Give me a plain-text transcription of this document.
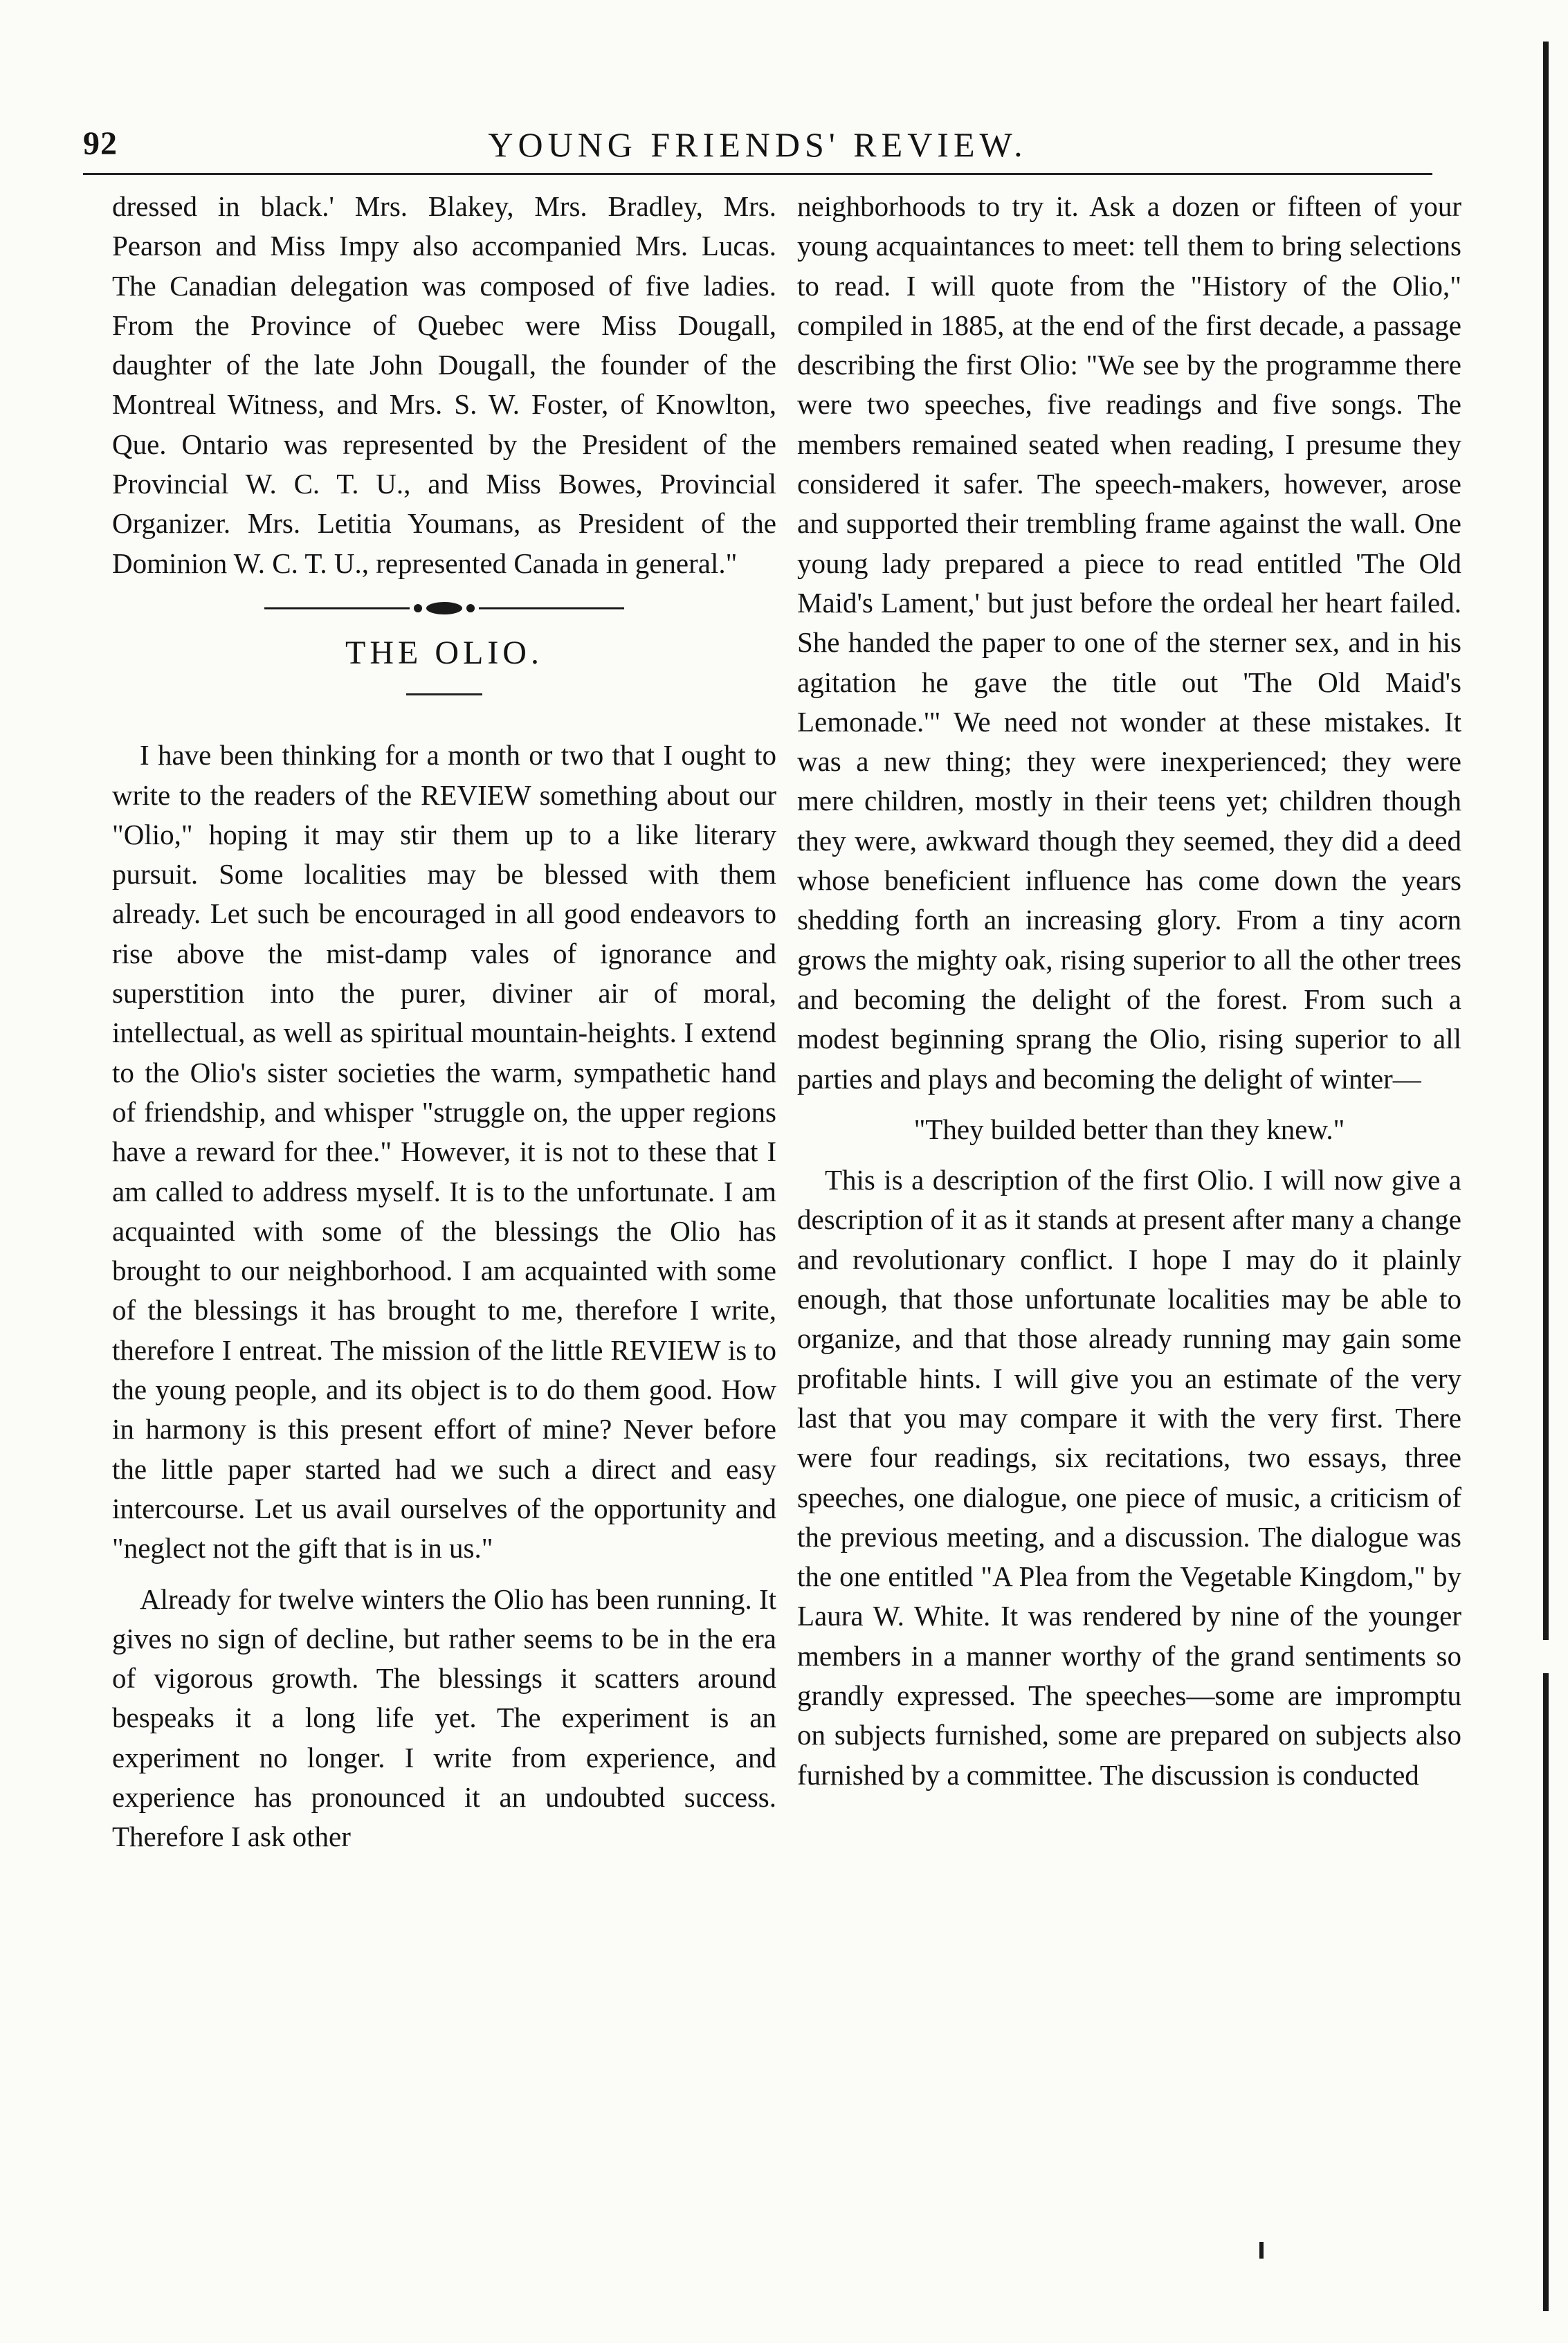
92	YOUNG FRIENDS' REVIEW.

dressed in black.' Mrs. Blakey, Mrs. Bradley, Mrs. Pearson and Miss Impy also accompanied Mrs. Lucas. The Canadian delegation was composed of five ladies. From the Province of Quebec were Miss Dougall, daughter of the late John Dougall, the founder of the Montreal Witness, and Mrs. S. W. Foster, of Knowlton, Que. Ontario was represented by the President of the Provincial W. C. T. U., and Miss Bowes, Provincial Organizer. Mrs. Letitia Youmans, as President of the Dominion W. C. T. U., represented Canada in general."

THE OLIO.

I have been thinking for a month or two that I ought to write to the readers of the REVIEW something about our "Olio," hoping it may stir them up to a like literary pursuit. Some localities may be blessed with them already. Let such be encouraged in all good endeavors to rise above the mist-damp vales of ignorance and superstition into the purer, diviner air of moral, intellectual, as well as spiritual mountain-heights. I extend to the Olio's sister societies the warm, sympathetic hand of friendship, and whisper "struggle on, the upper regions have a reward for thee." However, it is not to these that I am called to address myself. It is to the unfortunate. I am acquainted with some of the blessings the Olio has brought to our neighborhood. I am acquainted with some of the blessings it has brought to me, therefore I write, therefore I entreat. The mission of the little REVIEW is to the young people, and its object is to do them good. How in harmony is this present effort of mine? Never before the little paper started had we such a direct and easy intercourse. Let us avail ourselves of the opportunity and "neglect not the gift that is in us."

Already for twelve winters the Olio has been running. It gives no sign of decline, but rather seems to be in the era of vigorous growth. The blessings it scatters around bespeaks it a long life yet. The experiment is an experiment no longer. I write from experience, and experience has pronounced it an undoubted success. Therefore I ask other

neighborhoods to try it. Ask a dozen or fifteen of your young acquaintances to meet: tell them to bring selections to read. I will quote from the "History of the Olio," compiled in 1885, at the end of the first decade, a passage describing the first Olio: "We see by the programme there were two speeches, five readings and five songs. The members remained seated when reading, I presume they considered it safer. The speech-makers, however, arose and supported their trembling frame against the wall. One young lady prepared a piece to read entitled 'The Old Maid's Lament,' but just before the ordeal her heart failed. She handed the paper to one of the sterner sex, and in his agitation he gave the title out 'The Old Maid's Lemonade.'" We need not wonder at these mistakes. It was a new thing; they were inexperienced; they were mere children, mostly in their teens yet; children though they were, awkward though they seemed, they did a deed whose beneficient influence has come down the years shedding forth an increasing glory. From a tiny acorn grows the mighty oak, rising superior to all the other trees and becoming the delight of the forest. From such a modest beginning sprang the Olio, rising superior to all parties and plays and becoming the delight of winter—

"They builded better than they knew."

This is a description of the first Olio. I will now give a description of it as it stands at present after many a change and revolutionary conflict. I hope I may do it plainly enough, that those unfortunate localities may be able to organize, and that those already running may gain some profitable hints. I will give you an estimate of the very last that you may compare it with the very first. There were four readings, six recitations, two essays, three speeches, one dialogue, one piece of music, a criticism of the previous meeting, and a discussion. The dialogue was the one entitled "A Plea from the Vegetable Kingdom," by Laura W. White. It was rendered by nine of the younger members in a manner worthy of the grand sentiments so grandly expressed. The speeches—some are impromptu on subjects furnished, some are prepared on subjects also furnished by a committee. The discussion is conducted
